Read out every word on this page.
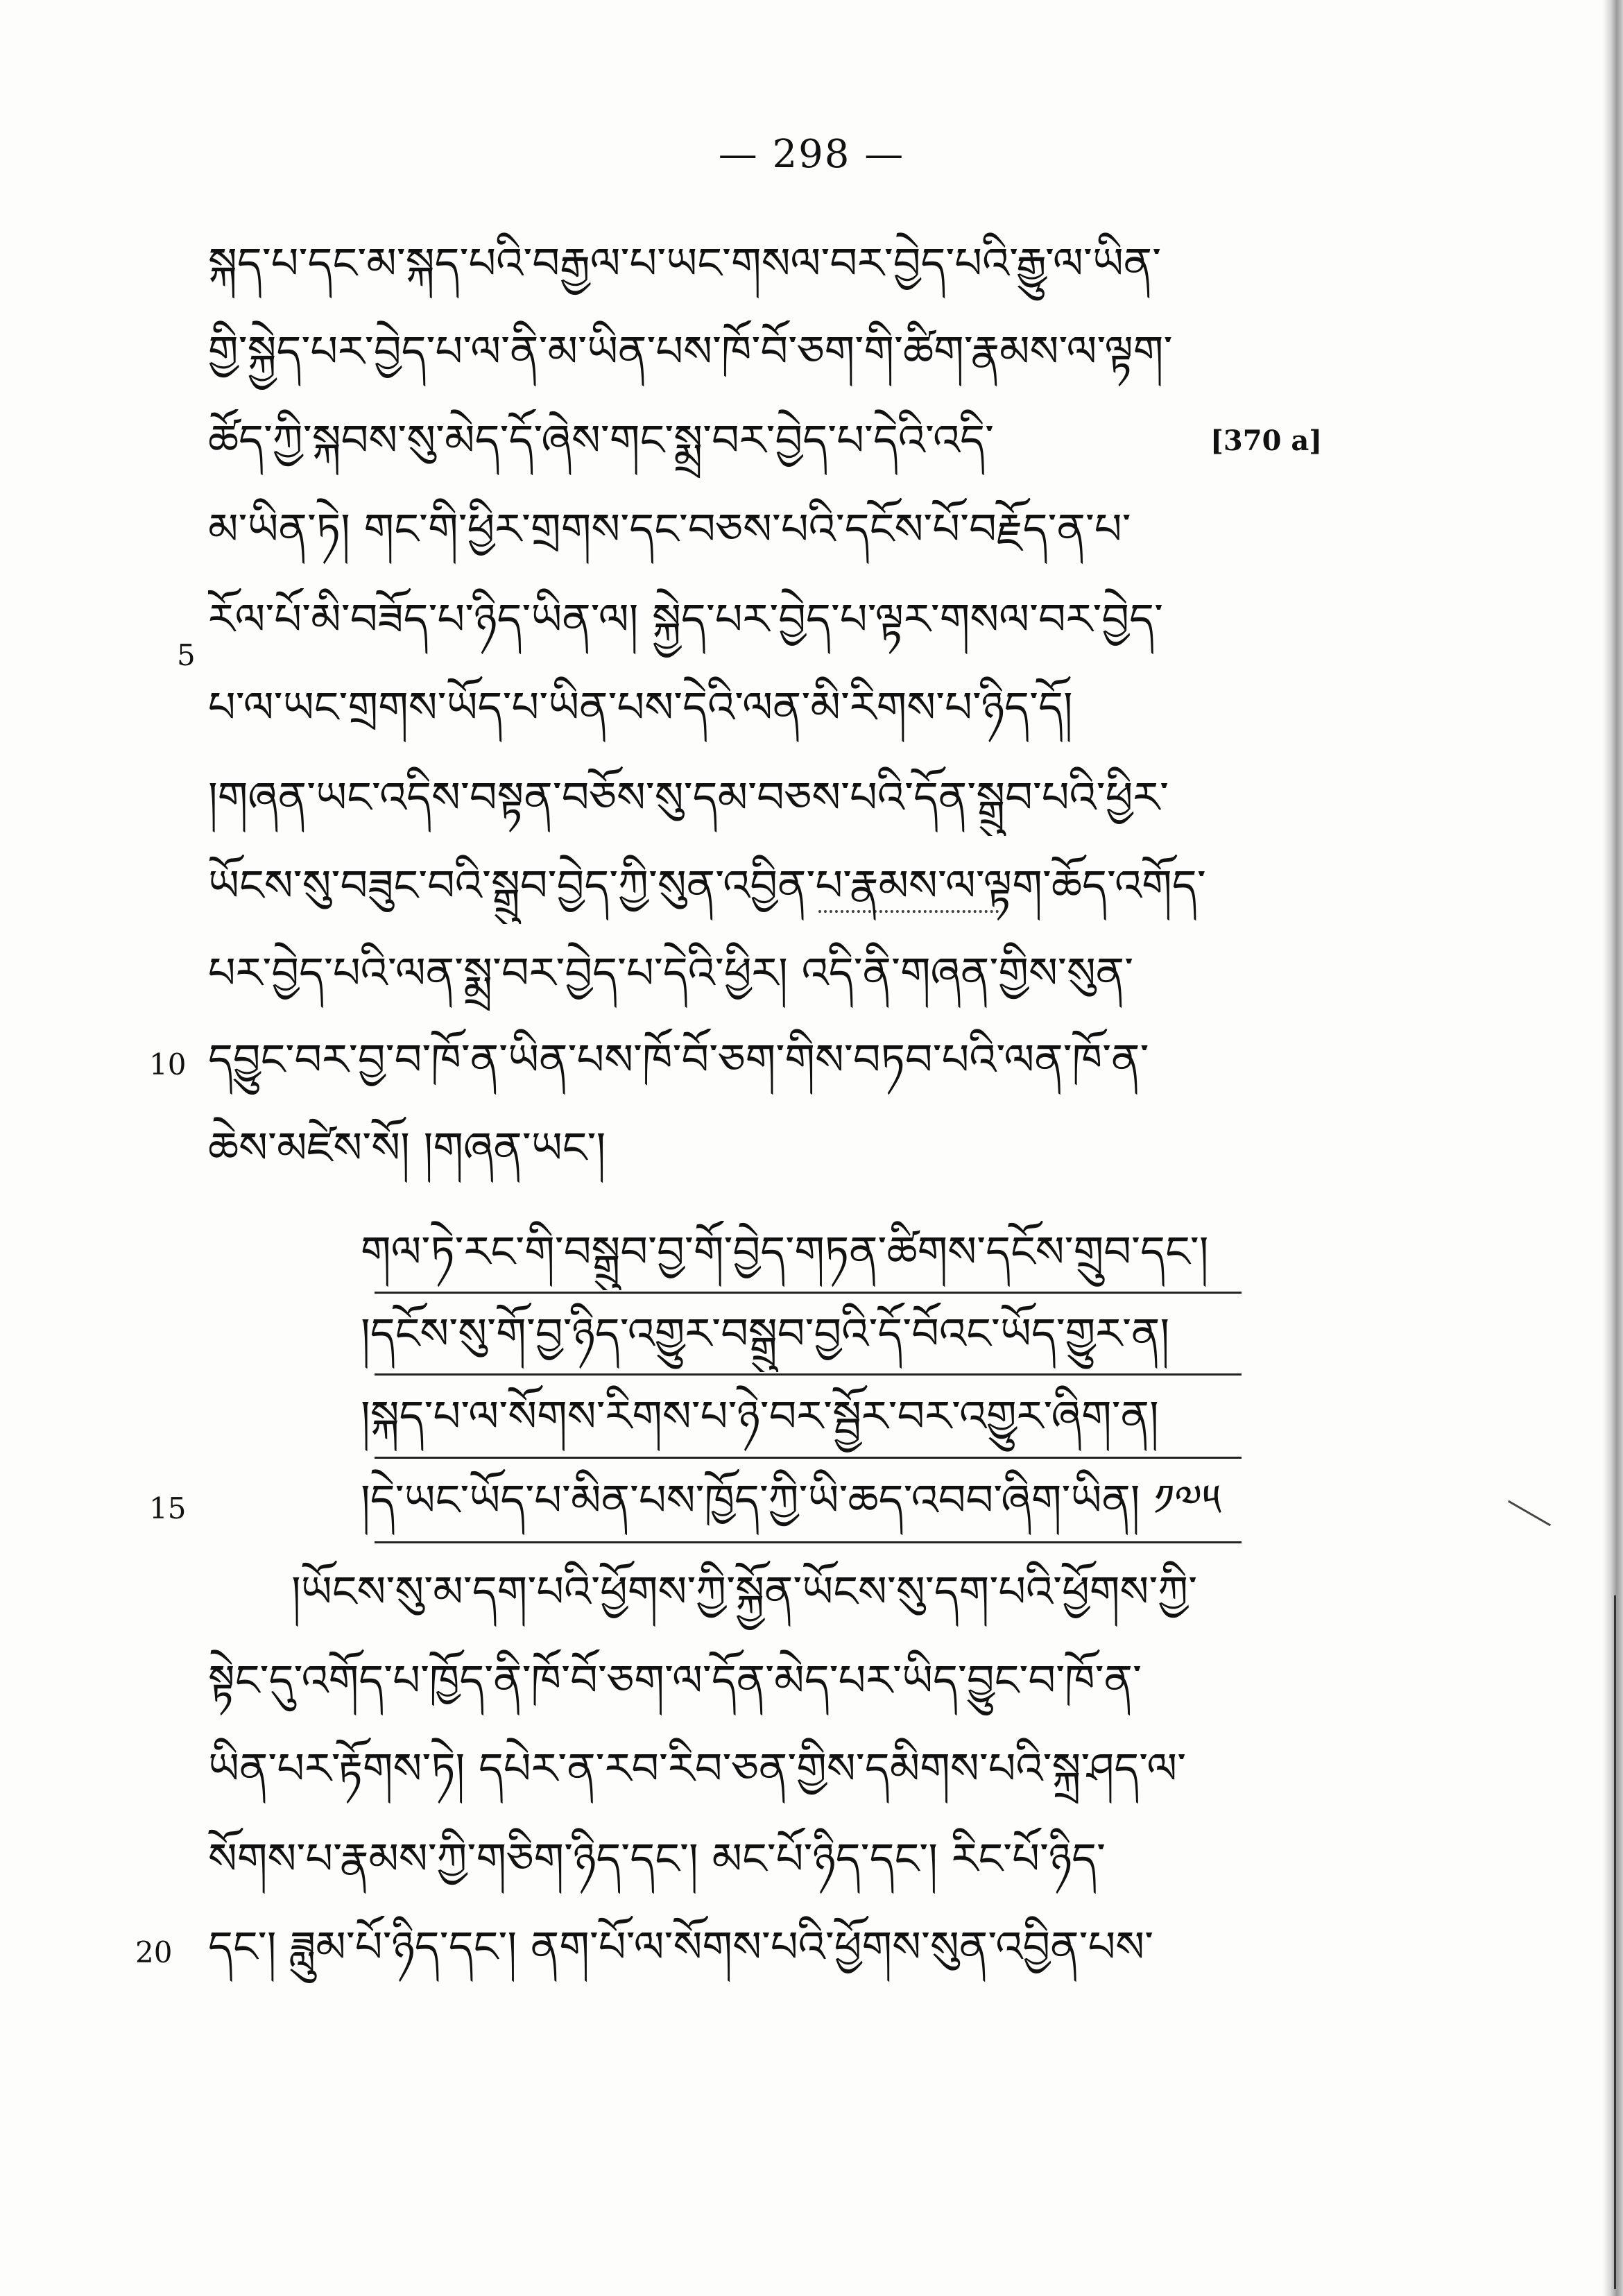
— 298 —
སྐད་པ་དང་མ་སྐད་པའི་བརྒྱལ་པ་ཡང་གསལ་བར་བྱེད་པའི་རྒྱུ་ལ་ཡིན་
གྱི་སྐྱེད་པར་བྱེད་པ་ལ་ནི་མ་ཡིན་པས་ཁོ་བོ་ཅག་གི་ཚིག་རྣམས་ལ་ལྟག་
ཚོད་ཀྱི་སྐབས་སུ་མེད་དོ་ཞེས་གང་སྨྲ་བར་བྱེད་པ་དེའི་འདི་	[370 a]
མ་ཡིན་ཏེ། གང་གི་ཕྱིར་གྲགས་དང་བཅས་པའི་དངོས་པོ་བརྗོད་ན་པ་
5
རོལ་པོ་མི་བཟོད་པ་ཉིད་ཡིན་ལ། སྐྱེད་པར་བྱེད་པ་ལྟར་གསལ་བར་བྱེད་
པ་ལ་ཡང་གྲགས་ཡོད་པ་ཡིན་པས་དེའི་ལན་མི་རིགས་པ་ཉིད་དོ།
།གཞན་ཡང་འདིས་བསྟན་བཅོས་སུ་དམ་བཅས་པའི་དོན་སྒྲུབ་པའི་ཕྱིར་
ཡོངས་སུ་བཟུང་བའི་སྒྲུབ་བྱེད་ཀྱི་སུན་འབྱིན་པ་རྣམས་ལ་ལྟག་ཆོད་འགོད་
པར་བྱེད་པའི་ལན་སྨྲ་བར་བྱེད་པ་དེའི་ཕྱིར། འདི་ནི་གཞན་གྱིས་སུན་
10 དབྱུང་བར་བྱ་བ་ཁོ་ན་ཡིན་པས་ཁོ་བོ་ཅག་གིས་བཏབ་པའི་ལན་ཁོ་ན་
ཆེས་མཛེས་སོ། །གཞན་ཡང་།
གལ་ཏེ་རང་གི་བསྒྲུབ་བྱ་གོ་བྱེད་གཏན་ཚིགས་དངོས་གྲུབ་དང་།
།དངོས་སུ་གོ་བྱ་ཉིད་འགྱུར་བསྒྲུབ་བྱའི་དོ་བོའང་ཡོད་གྱུར་ན།
།སྐད་པ་ལ་སོགས་རིགས་པ་ཉེ་བར་སྦྱོར་བར་འགྱུར་ཞིག་ན།
15	།དེ་ཡང་ཡོད་པ་མིན་པས་ཁྱོད་ཀྱི་ཡི་ཆད་འབབ་ཞིག་ཡིན། ༡༧༥
།ཡོངས་སུ་མ་དག་པའི་ཕྱོགས་ཀྱི་སྐྱོན་ཡོངས་སུ་དག་པའི་ཕྱོགས་ཀྱི་
སྟེང་དུ་འགོད་པ་ཁྱོད་ནི་ཁོ་བོ་ཅག་ལ་དོན་མེད་པར་ཡིད་བྱུང་བ་ཁོ་ན་
ཡིན་པར་རྟོགས་ཏེ། དཔེར་ན་རབ་རིབ་ཅན་གྱིས་དམིགས་པའི་སྐྲ་ཤད་ལ་
སོགས་པ་རྣམས་ཀྱི་གཅིག་ཉིད་དང་། མང་པོ་ཉིད་དང་། རིང་པོ་ཉིད་
20 དང་། ཟླུམ་པོ་ཉིད་དང་། ནག་པོ་ལ་སོགས་པའི་ཕྱོགས་སུན་འབྱིན་པས་
